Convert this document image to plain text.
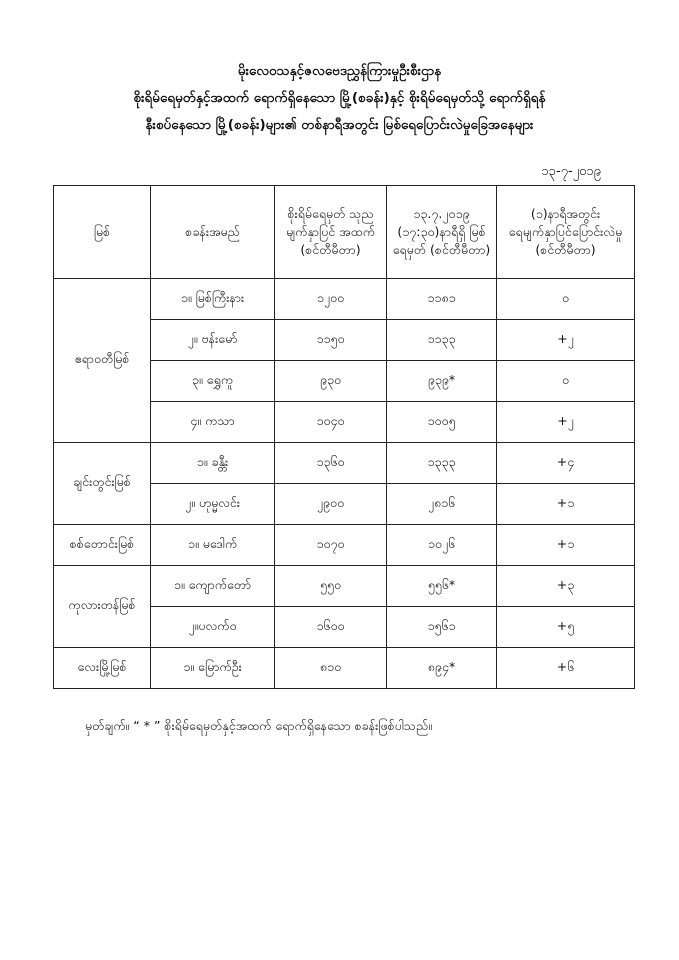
မိုးလေဝသနှင့်ဇလဗေဒညွှန်ကြားမှုဦးစီးဌာန
စိုးရိမ်ရေမှတ်နှင့်အထက် ရောက်ရှိနေသော မြို့(စခန်း)နှင့် စိုးရိမ်ရေမှတ်သို့ ရောက်ရှိရန်
နီးစပ်နေသော မြို့(စခန်း)များ၏ တစ်နာရီအတွင်း မြစ်ရေပြောင်းလဲမှုခြေအနေများ
၁၃-၇-၂၀၁၉
မြစ်	စခန်းအမည်	စိုးရိမ်ရေမှတ် သုညမျက်နှာပြင် အထက် (စင်တီမီတာ)	၁၃.၇.၂၀၁၉ (၁၇:၃၀)နာရီရှိ မြစ်ရေမှတ် (စင်တီမီတာ)	(၁)နာရီအတွင်း ရေမျက်နှာပြင်ပြောင်းလဲမှု (စင်တီမီတာ)
ဧရာဝတီမြစ်	၁။ မြစ်ကြီးနား	၁၂၀၀	၁၁၈၁	၀
	၂။ ဗန်းမော်	၁၁၅၀	၁၁၃၃	+၂
	၃။ ရွှေကူ	၉၃၀	၉၃၉*	၀
	၄။ ကသာ	၁၀၄၀	၁၀၀၅	+၂
ချင်းတွင်းမြစ်	၁။ ခန္တီး	၁၃၆၀	၁၃၃၃	+၄
	၂။ ဟုမ္မလင်း	၂၉၀၀	၂၈၁၆	+၁
စစ်တောင်းမြစ်	၁။ မဒေါက်	၁၀၇၀	၁၀၂၆	+၁
ကုလားတန်မြစ်	၁။ ကျောက်တော်	၅၅၀	၅၅၆*	+၃
	၂။ပလက်ဝ	၁၆၀၀	၁၅၆၁	+၅
လေးမြို့မြစ်	၁။ မြောက်ဦး	၈၁၀	၈၉၄*	+၆
မှတ်ချက်။ “ * ” စိုးရိမ်ရေမှတ်နှင့်အထက် ရောက်ရှိနေသော စခန်းဖြစ်ပါသည်။
